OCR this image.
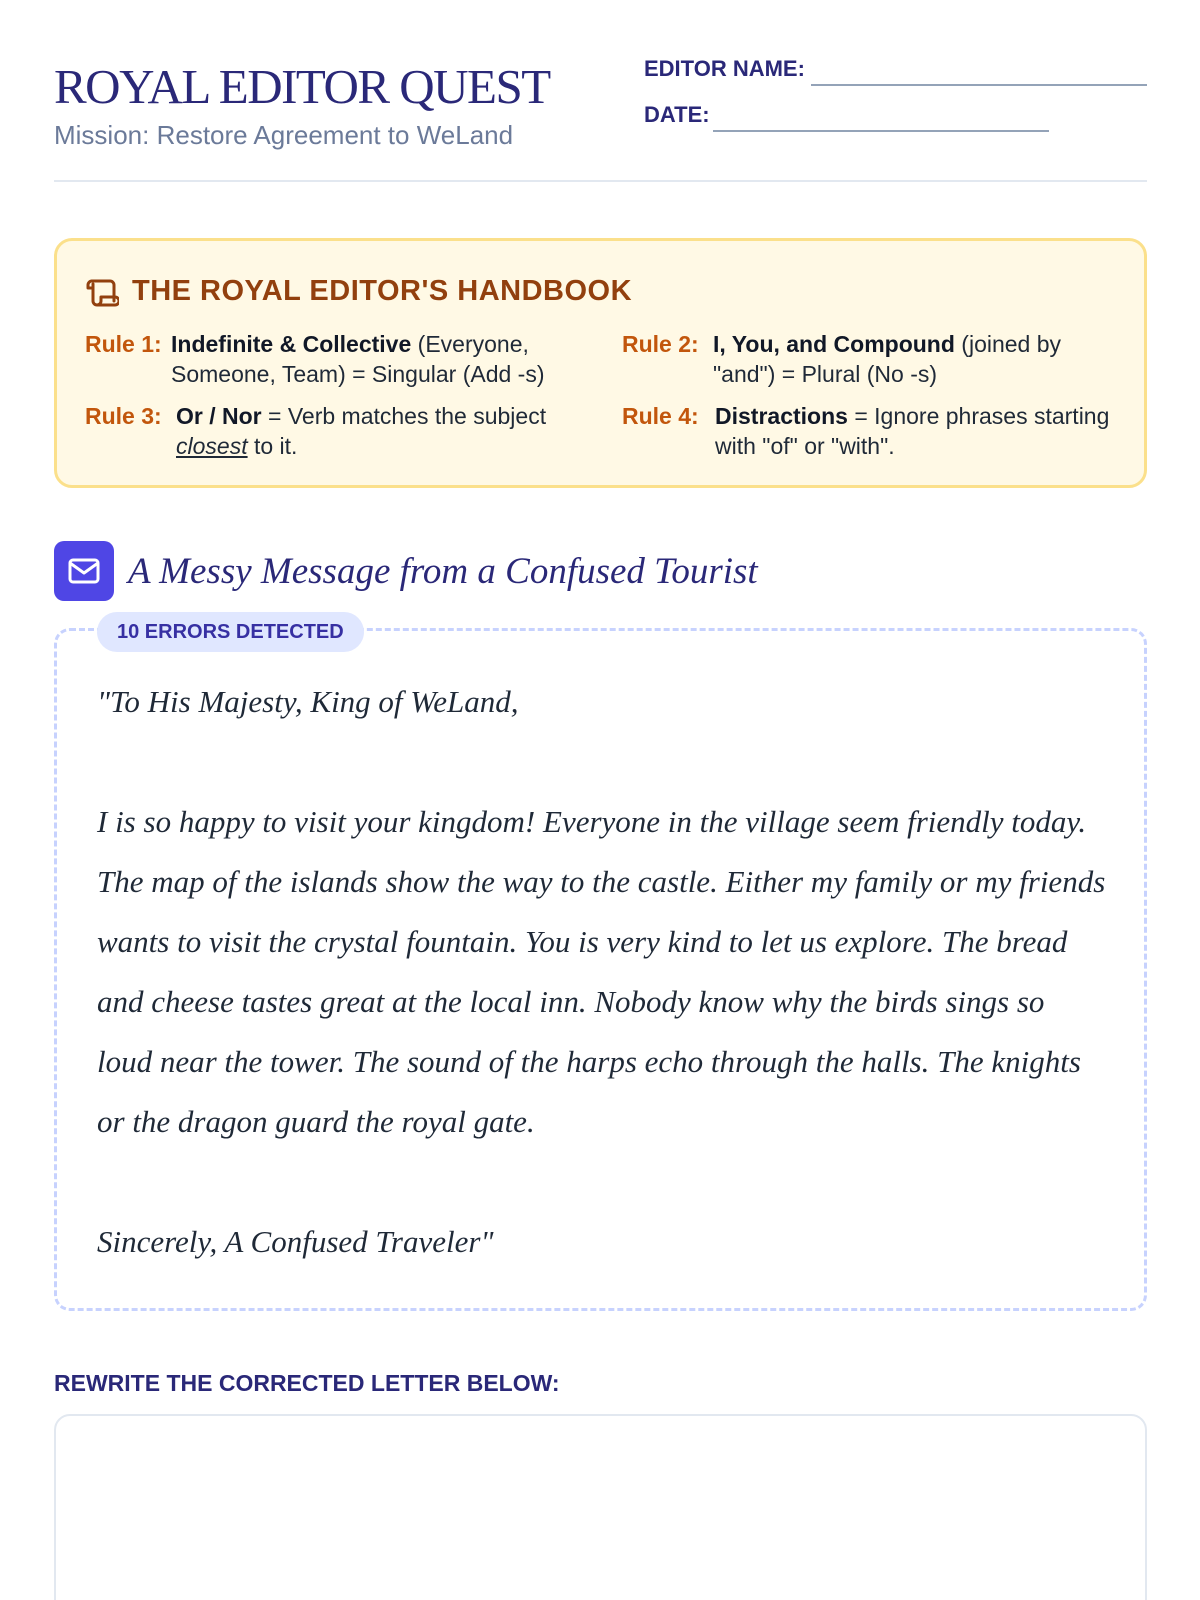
ROYAL EDITOR QUEST
Mission: Restore Agreement to WeLand
EDITOR NAME:
DATE:
THE ROYAL EDITOR'S HANDBOOK
Rule 1: Indefinite & Collective (Everyone, Someone, Team) = Singular (Add -s)
Rule 2: I, You, and Compound (joined by "and") = Plural (No -s)
Rule 3: Or / Nor = Verb matches the subject closest to it.
Rule 4: Distractions = Ignore phrases starting with "of" or "with".
A Messy Message from a Confused Tourist
10 ERRORS DETECTED
"To His Majesty, King of WeLand,
I is so happy to visit your kingdom! Everyone in the village seem friendly today. The map of the islands show the way to the castle. Either my family or my friends wants to visit the crystal fountain. You is very kind to let us explore. The bread and cheese tastes great at the local inn. Nobody know why the birds sings so loud near the tower. The sound of the harps echo through the halls. The knights or the dragon guard the royal gate.
Sincerely, A Confused Traveler"
REWRITE THE CORRECTED LETTER BELOW:
